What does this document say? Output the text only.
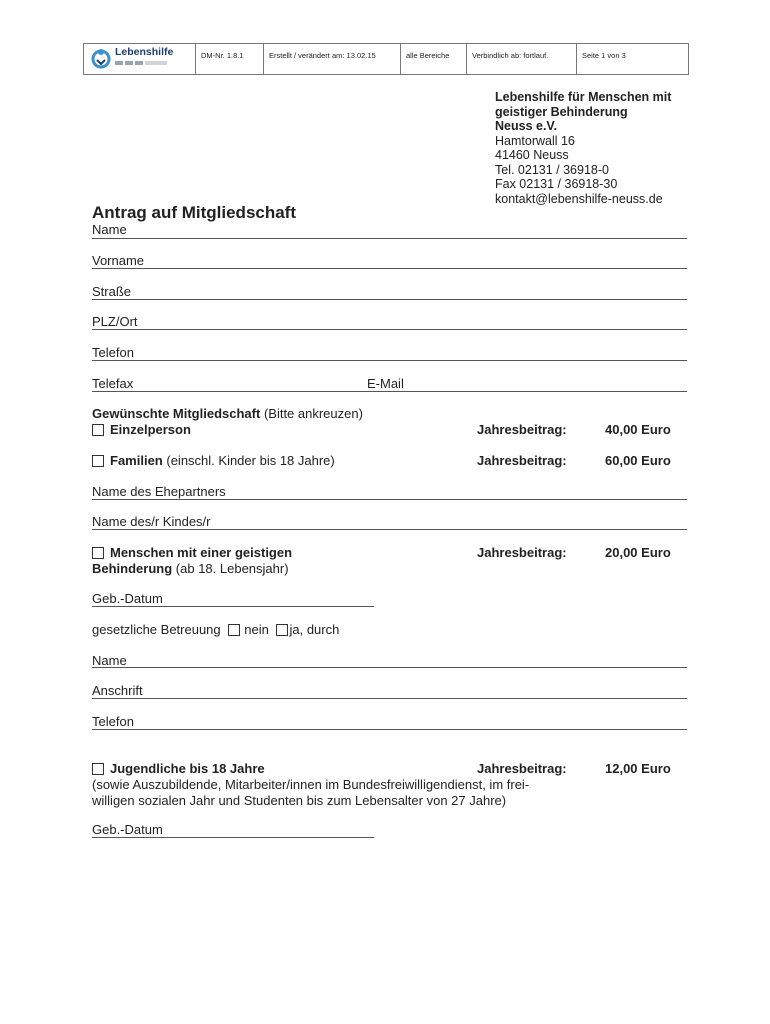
Lebenshilfe	DM-Nr. 1.8.1	Erstellt / verändert am: 13.02.15	alle Bereiche	Verbindlich ab: fortlauf.	Seite 1 von 3
Lebenshilfe für Menschen mit
geistiger Behinderung
Neuss e.V.
Hamtorwall 16
41460 Neuss
Tel. 02131 / 36918-0
Fax 02131 / 36918-30
kontakt@lebenshilfe-neuss.de
Antrag auf Mitgliedschaft
Name
Vorname
Straße
PLZ/Ort
Telefon
Telefax	E-Mail
Gewünschte Mitgliedschaft (Bitte ankreuzen)
Einzelperson	Jahresbeitrag:	40,00 Euro
Familien (einschl. Kinder bis 18 Jahre)	Jahresbeitrag:	60,00 Euro
Name des Ehepartners
Name des/r Kindes/r
Menschen mit einer geistigen
Behinderung (ab 18. Lebensjahr)
Jahresbeitrag:	20,00 Euro
Geb.-Datum
gesetzliche Betreuung nein ja, durch
Name
Anschrift
Telefon
Jugendliche bis 18 Jahre
(sowie Auszubildende, Mitarbeiter/innen im Bundesfreiwilligendienst, im frei-
willigen sozialen Jahr und Studenten bis zum Lebensalter von 27 Jahre)
Jahresbeitrag:	12,00 Euro
Geb.-Datum
